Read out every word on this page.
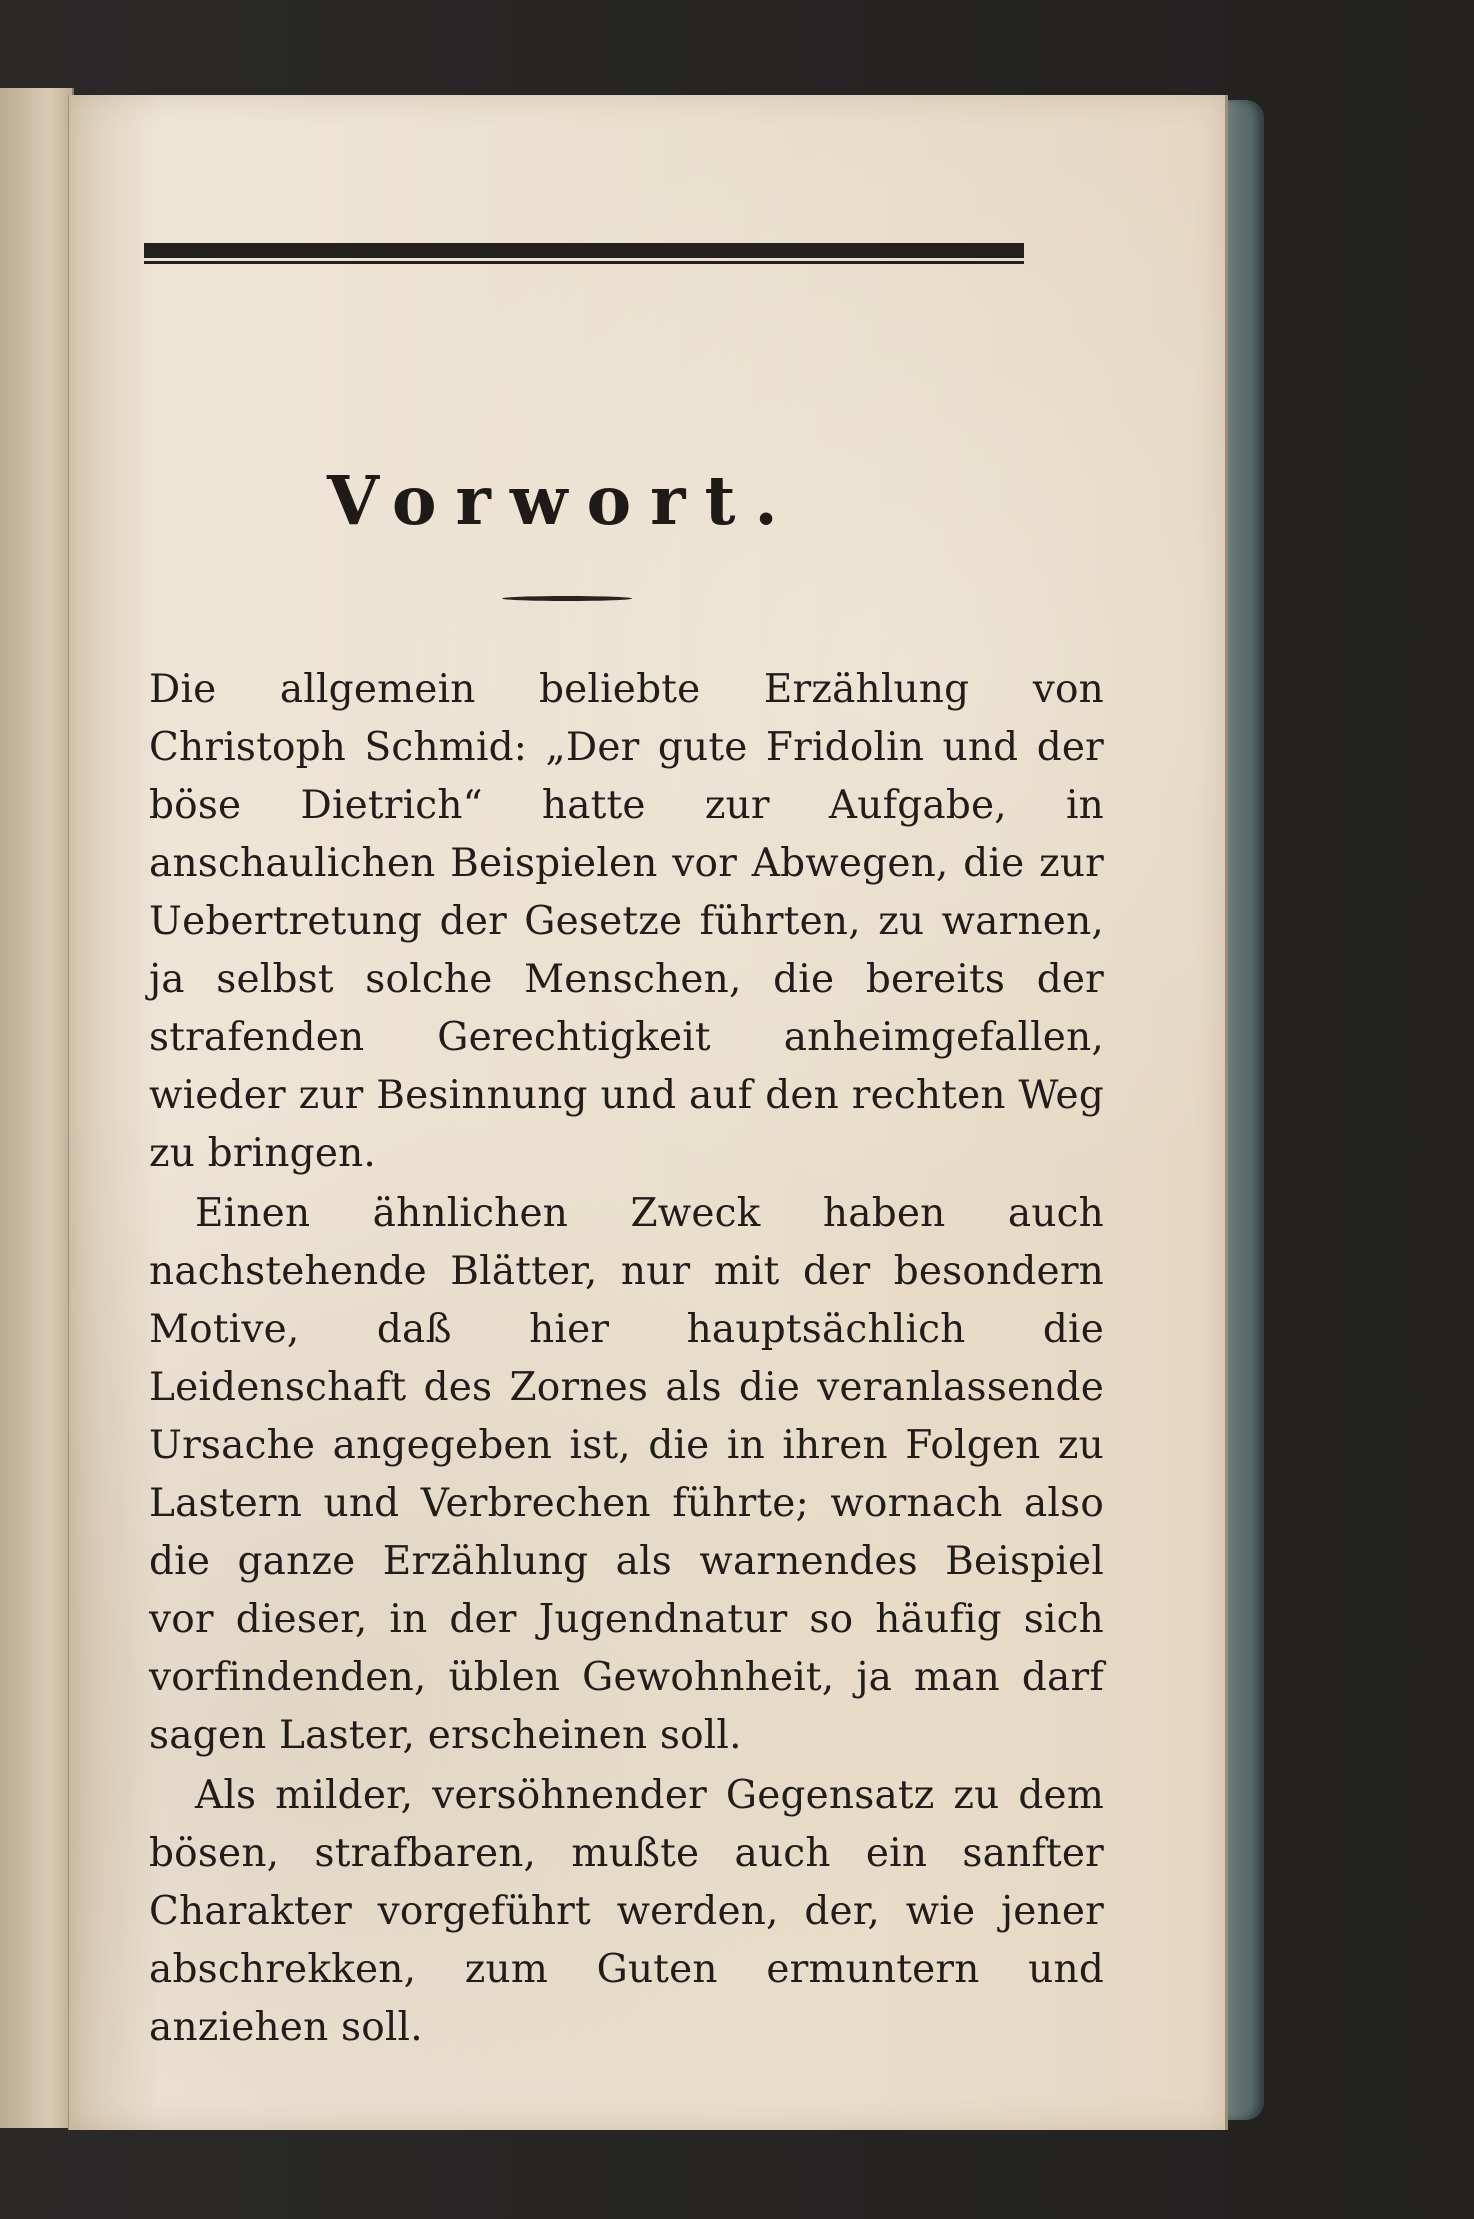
Vorwort.

Die allgemein beliebte Erzählung von Christoph Schmid: „Der gute Fridolin und der böse Dietrich“ hatte zur Aufgabe, in anschaulichen Beispielen vor Abwegen, die zur Uebertretung der Gesetze führten, zu warnen, ja selbst solche Menschen, die bereits der strafenden Gerechtigkeit anheimgefallen, wieder zur Besinnung und auf den rechten Weg zu bringen.

Einen ähnlichen Zweck haben auch nachstehende Blätter, nur mit der besondern Motive, daß hier hauptsächlich die Leidenschaft des Zornes als die veranlassende Ursache angegeben ist, die in ihren Folgen zu Lastern und Verbrechen führte; wornach also die ganze Erzählung als warnendes Beispiel vor dieser, in der Jugendnatur so häufig sich vorfindenden, üblen Gewohnheit, ja man darf sagen Laster, erscheinen soll.

Als milder, versöhnender Gegensatz zu dem bösen, strafbaren, mußte auch ein sanfter Charakter vorgeführt werden, der, wie jener abschrekken, zum Guten ermuntern und anziehen soll.
